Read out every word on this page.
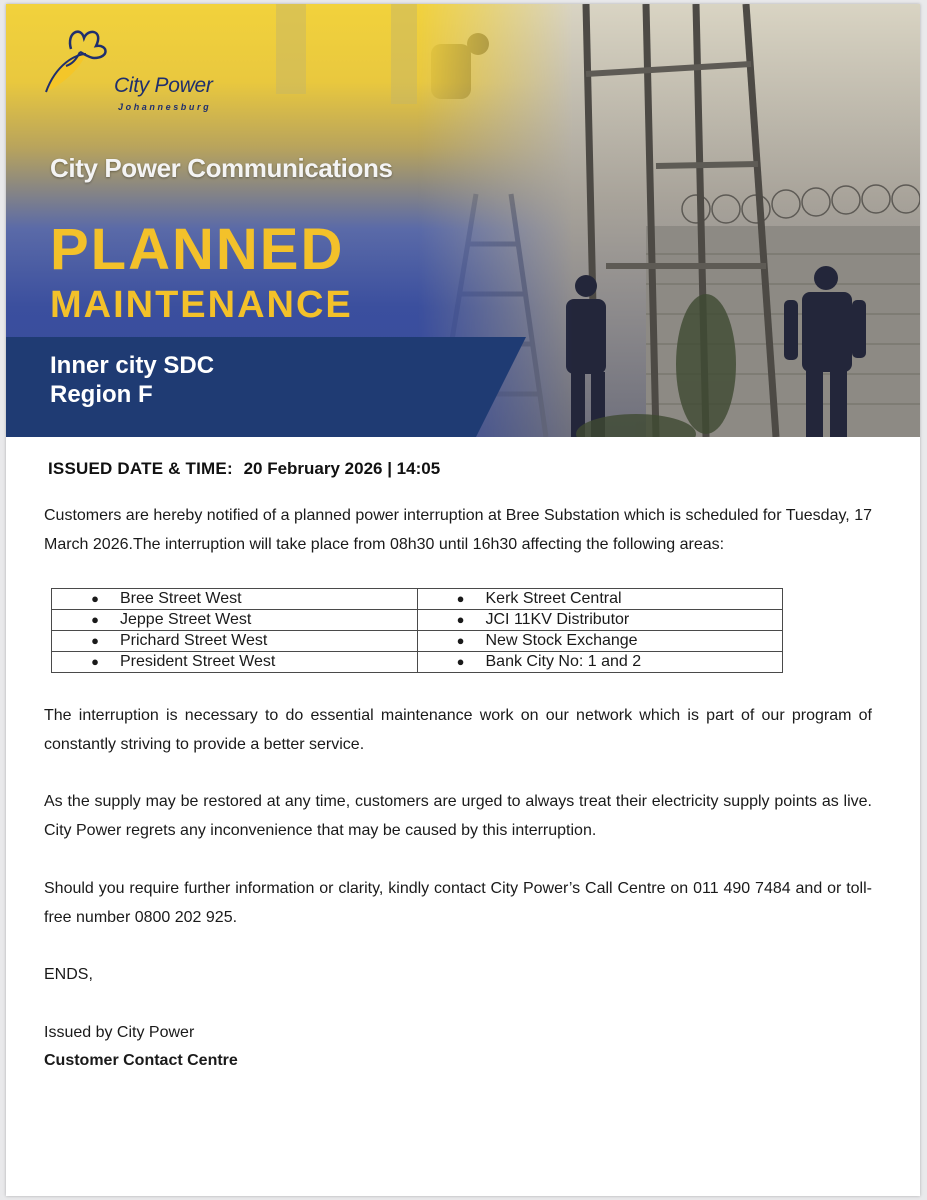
City Power
Johannesburg
City Power Communications
PLANNED
MAINTENANCE
Inner city SDC
Region F
ISSUED DATE & TIME: 20 February 2026 | 14:05
Customers are hereby notified of a planned power interruption at Bree Substation which is scheduled for Tuesday, 17 March 2026.The interruption will take place from 08h30 until 16h30 affecting the following areas:
● Bree Street West	● Kerk Street Central

● Jeppe Street West	● JCI 11KV Distributor

● Prichard Street West	● New Stock Exchange

● President Street West	● Bank City No: 1 and 2
The interruption is necessary to do essential maintenance work on our network which is part of our program of constantly striving to provide a better service.
As the supply may be restored at any time, customers are urged to always treat their electricity supply points as live. City Power regrets any inconvenience that may be caused by this interruption.
Should you require further information or clarity, kindly contact City Power’s Call Centre on 011 490 7484 and or toll-free number 0800 202 925.
ENDS,
Issued by City Power
Customer Contact Centre
